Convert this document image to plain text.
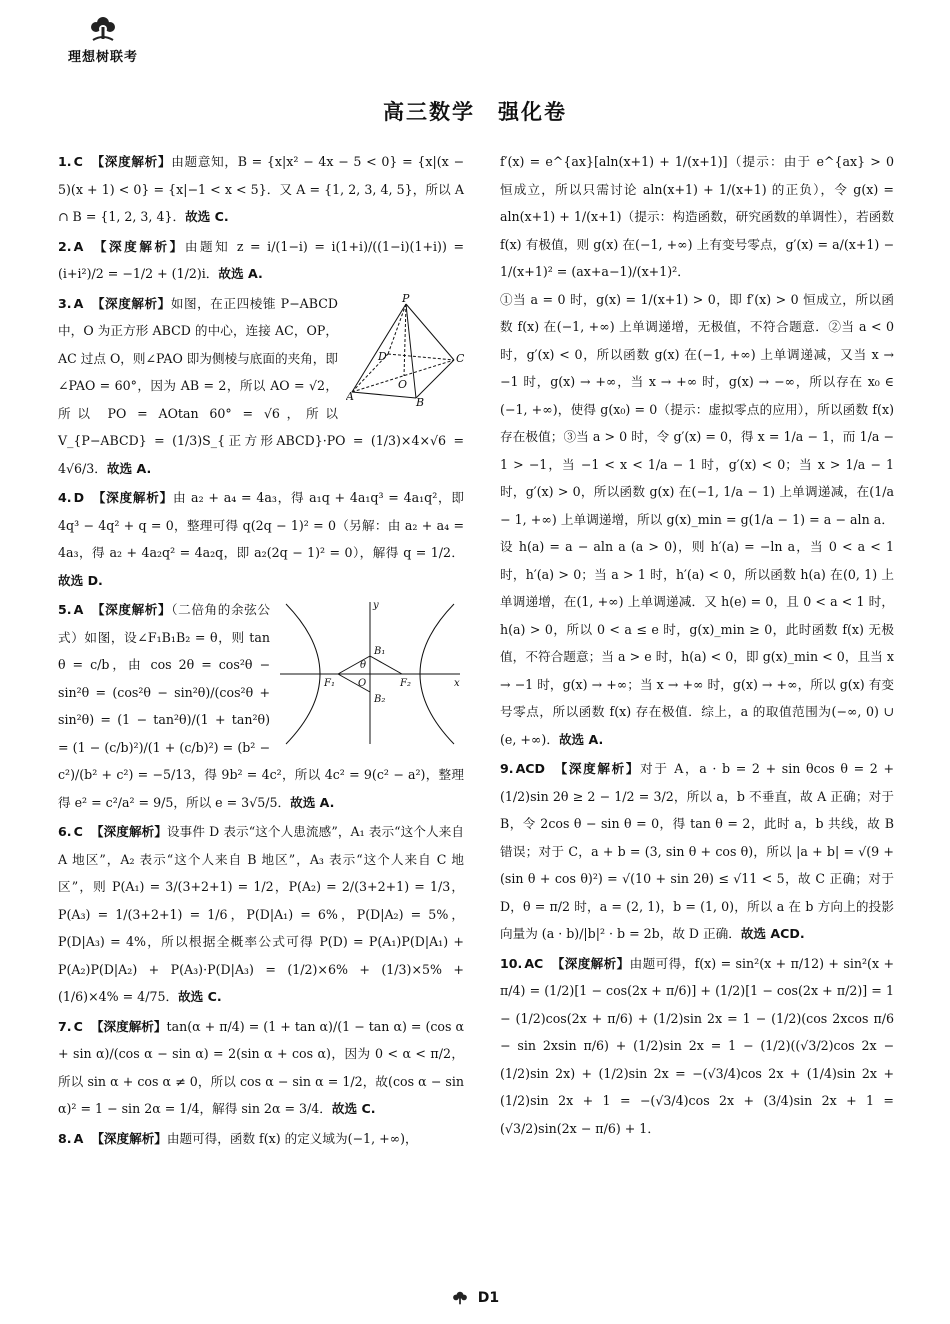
理想树联考
高三数学　强化卷
1. C 【深度解析】由题意知，B = {x|x² − 4x − 5 < 0} = {x|(x − 5)(x + 1) < 0} = {x|−1 < x < 5}．又 A = {1, 2, 3, 4, 5}，所以 A ∩ B = {1, 2, 3, 4}．故选 C.
2. A 【深度解析】由题知 z = i/(1−i) = i(1+i)/((1−i)(1+i)) = (i+i²)/2 = −1/2 + (1/2)i．故选 A.
P
A	B
C
D
O
3. A 【深度解析】如图，在正四棱锥 P−ABCD 中，O 为正方形 ABCD 的中心，连接 AC，OP，AC 过点 O，则∠PAO 即为侧棱与底面的夹角，即∠PAO = 60°，因为 AB = 2，所以 AO = √2，所以 PO = AOtan 60° = √6，所以 V_{P−ABCD} = (1/3)S_{正方形ABCD}·PO = (1/3)×4×√6 = 4√6/3．故选 A.
4. D 【深度解析】由 a₂ + a₄ = 4a₃，得 a₁q + 4a₁q³ = 4a₁q²，即 4q³ − 4q² + q = 0，整理可得 q(2q − 1)² = 0（另解：由 a₂ + a₄ = 4a₃，得 a₂ + 4a₂q² = 4a₂q，即 a₂(2q − 1)² = 0），解得 q = 1/2．故选 D.
y
x
B₁
B₂
F₁	F₂
O
θ
5. A 【深度解析】（二倍角的余弦公式）如图，设∠F₁B₁B₂ = θ，则 tan θ = c/b，由 cos 2θ = cos²θ − sin²θ = (cos²θ − sin²θ)/(cos²θ + sin²θ) = (1 − tan²θ)/(1 + tan²θ) = (1 − (c/b)²)/(1 + (c/b)²) = (b² − c²)/(b² + c²) = −5/13，得 9b² = 4c²，所以 4c² = 9(c² − a²)，整理得 e² = c²/a² = 9/5，所以 e = 3√5/5．故选 A.
6. C 【深度解析】设事件 D 表示“这个人患流感”，A₁ 表示“这个人来自 A 地区”，A₂ 表示“这个人来自 B 地区”，A₃ 表示“这个人来自 C 地区”，则 P(A₁) = 3/(3+2+1) = 1/2，P(A₂) = 2/(3+2+1) = 1/3，P(A₃) = 1/(3+2+1) = 1/6，P(D|A₁) = 6%，P(D|A₂) = 5%，P(D|A₃) = 4%，所以根据全概率公式可得 P(D) = P(A₁)P(D|A₁) + P(A₂)P(D|A₂) + P(A₃)·P(D|A₃) = (1/2)×6% + (1/3)×5% + (1/6)×4% = 4/75．故选 C.
7. C 【深度解析】tan(α + π/4) = (1 + tan α)/(1 − tan α) = (cos α + sin α)/(cos α − sin α) = 2(sin α + cos α)，因为 0 < α < π/2，所以 sin α + cos α ≠ 0，所以 cos α − sin α = 1/2，故(cos α − sin α)² = 1 − sin 2α = 1/4，解得 sin 2α = 3/4．故选 C.
8. A 【深度解析】由题可得，函数 f(x) 的定义域为(−1, +∞)，
f′(x) = e^{ax}[aln(x+1) + 1/(x+1)]（提示：由于 e^{ax} > 0 恒成立，所以只需讨论 aln(x+1) + 1/(x+1) 的正负），令 g(x) = aln(x+1) + 1/(x+1)（提示：构造函数，研究函数的单调性），若函数 f(x) 有极值，则 g(x) 在(−1, +∞) 上有变号零点，g′(x) = a/(x+1) − 1/(x+1)² = (ax+a−1)/(x+1)²．
①当 a = 0 时，g(x) = 1/(x+1) > 0，即 f′(x) > 0 恒成立，所以函数 f(x) 在(−1, +∞) 上单调递增，无极值，不符合题意．②当 a < 0 时，g′(x) < 0，所以函数 g(x) 在(−1, +∞) 上单调递减，又当 x → −1 时，g(x) → +∞，当 x → +∞ 时，g(x) → −∞，所以存在 x₀ ∈ (−1, +∞)，使得 g(x₀) = 0（提示：虚拟零点的应用），所以函数 f(x) 存在极值；③当 a > 0 时，令 g′(x) = 0，得 x = 1/a − 1，而 1/a − 1 > −1，当 −1 < x < 1/a − 1 时，g′(x) < 0；当 x > 1/a − 1 时，g′(x) > 0，所以函数 g(x) 在(−1, 1/a − 1) 上单调递减，在(1/a − 1, +∞) 上单调递增，所以 g(x)_min = g(1/a − 1) = a − aln a．设 h(a) = a − aln a (a > 0)，则 h′(a) = −ln a，当 0 < a < 1 时，h′(a) > 0；当 a > 1 时，h′(a) < 0，所以函数 h(a) 在(0, 1) 上单调递增，在(1, +∞) 上单调递减．又 h(e) = 0，且 0 < a < 1 时，h(a) > 0，所以 0 < a ≤ e 时，g(x)_min ≥ 0，此时函数 f(x) 无极值，不符合题意；当 a > e 时，h(a) < 0，即 g(x)_min < 0，且当 x → −1 时，g(x) → +∞；当 x → +∞ 时，g(x) → +∞，所以 g(x) 有变号零点，所以函数 f(x) 存在极值．综上，a 的取值范围为(−∞, 0) ∪ (e, +∞)．故选 A.
9. ACD 【深度解析】对于 A，a · b = 2 + sin θcos θ = 2 + (1/2)sin 2θ ≥ 2 − 1/2 = 3/2，所以 a，b 不垂直，故 A 正确；对于 B，令 2cos θ − sin θ = 0，得 tan θ = 2，此时 a，b 共线，故 B 错误；对于 C，a + b = (3, sin θ + cos θ)，所以 |a + b| = √(9 + (sin θ + cos θ)²) = √(10 + sin 2θ) ≤ √11 < 5，故 C 正确；对于 D，θ = π/2 时，a = (2, 1)，b = (1, 0)，所以 a 在 b 方向上的投影向量为 (a · b)/|b|² · b = 2b，故 D 正确．故选 ACD.
10. AC 【深度解析】由题可得，f(x) = sin²(x + π/12) + sin²(x + π/4) = (1/2)[1 − cos(2x + π/6)] + (1/2)[1 − cos(2x + π/2)] = 1 − (1/2)cos(2x + π/6) + (1/2)sin 2x = 1 − (1/2)(cos 2xcos π/6 − sin 2xsin π/6) + (1/2)sin 2x = 1 − (1/2)((√3/2)cos 2x − (1/2)sin 2x) + (1/2)sin 2x = −(√3/4)cos 2x + (1/4)sin 2x + (1/2)sin 2x + 1 = −(√3/4)cos 2x + (3/4)sin 2x + 1 = (√3/2)sin(2x − π/6) + 1．
D1
